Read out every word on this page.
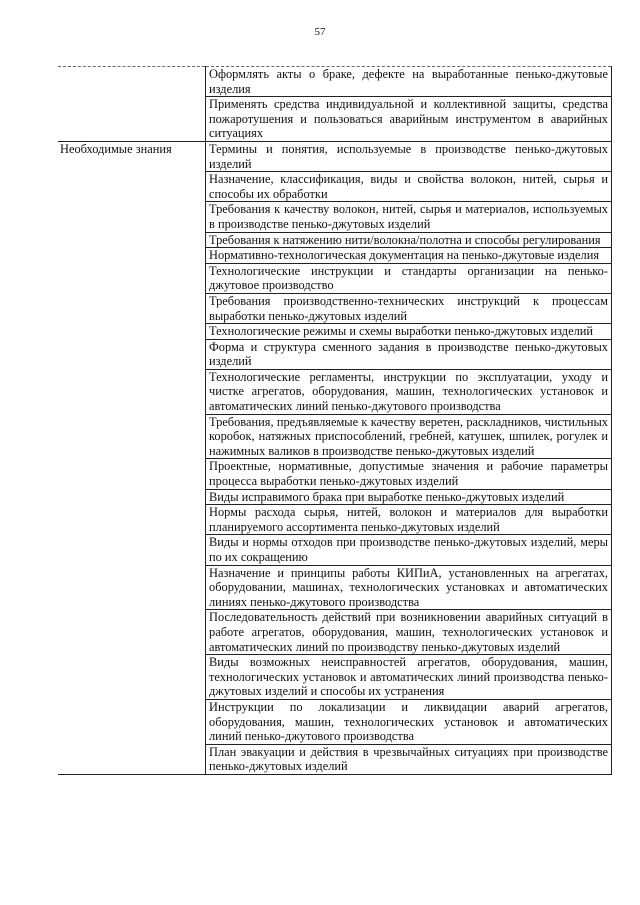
57
	Оформлять акты о браке, дефекте на выработанные пенько-джутовые изделия
	Применять средства индивидуальной и коллективной защиты, средства пожаротушения и пользоваться аварийным инструментом в аварийных ситуациях
Необходимые знания	Термины и понятия, используемые в производстве пенько-джутовых изделий
	Назначение, классификация, виды и свойства волокон, нитей, сырья и способы их обработки
	Требования к качеству волокон, нитей, сырья и материалов, используемых в производстве пенько-джутовых изделий
	Требования к натяжению нити/волокна/полотна и способы регулирования
	Нормативно-технологическая документация на пенько-джутовые изделия
	Технологические инструкции и стандарты организации на пенько-джутовое производство
	Требования производственно-технических инструкций к процессам выработки пенько-джутовых изделий
	Технологические режимы и схемы выработки пенько-джутовых изделий
	Форма и структура сменного задания в производстве пенько-джутовых изделий
	Технологические регламенты, инструкции по эксплуатации, уходу и чистке агрегатов, оборудования, машин, технологических установок и автоматических линий пенько-джутового производства
	Требования, предъявляемые к качеству веретен, раскладников, чистильных коробок, натяжных приспособлений, гребней, катушек, шпилек, рогулек и нажимных валиков в производстве пенько-джутовых изделий
	Проектные, нормативные, допустимые значения и рабочие параметры процесса выработки пенько-джутовых изделий
	Виды исправимого брака при выработке пенько-джутовых изделий
	Нормы расхода сырья, нитей, волокон и материалов для выработки планируемого ассортимента пенько-джутовых изделий
	Виды и нормы отходов при производстве пенько-джутовых изделий, меры по их сокращению
	Назначение и принципы работы КИПиА, установленных на агрегатах, оборудовании, машинах, технологических установках и автоматических линиях пенько-джутового производства
	Последовательность действий при возникновении аварийных ситуаций в работе агрегатов, оборудования, машин, технологических установок и автоматических линий по производству пенько-джутовых изделий
	Виды возможных неисправностей агрегатов, оборудования, машин, технологических установок и автоматических линий производства пенько-джутовых изделий и способы их устранения
	Инструкции по локализации и ликвидации аварий агрегатов, оборудования, машин, технологических установок и автоматических линий пенько-джутового производства
	План эвакуации и действия в чрезвычайных ситуациях при производстве пенько-джутовых изделий
